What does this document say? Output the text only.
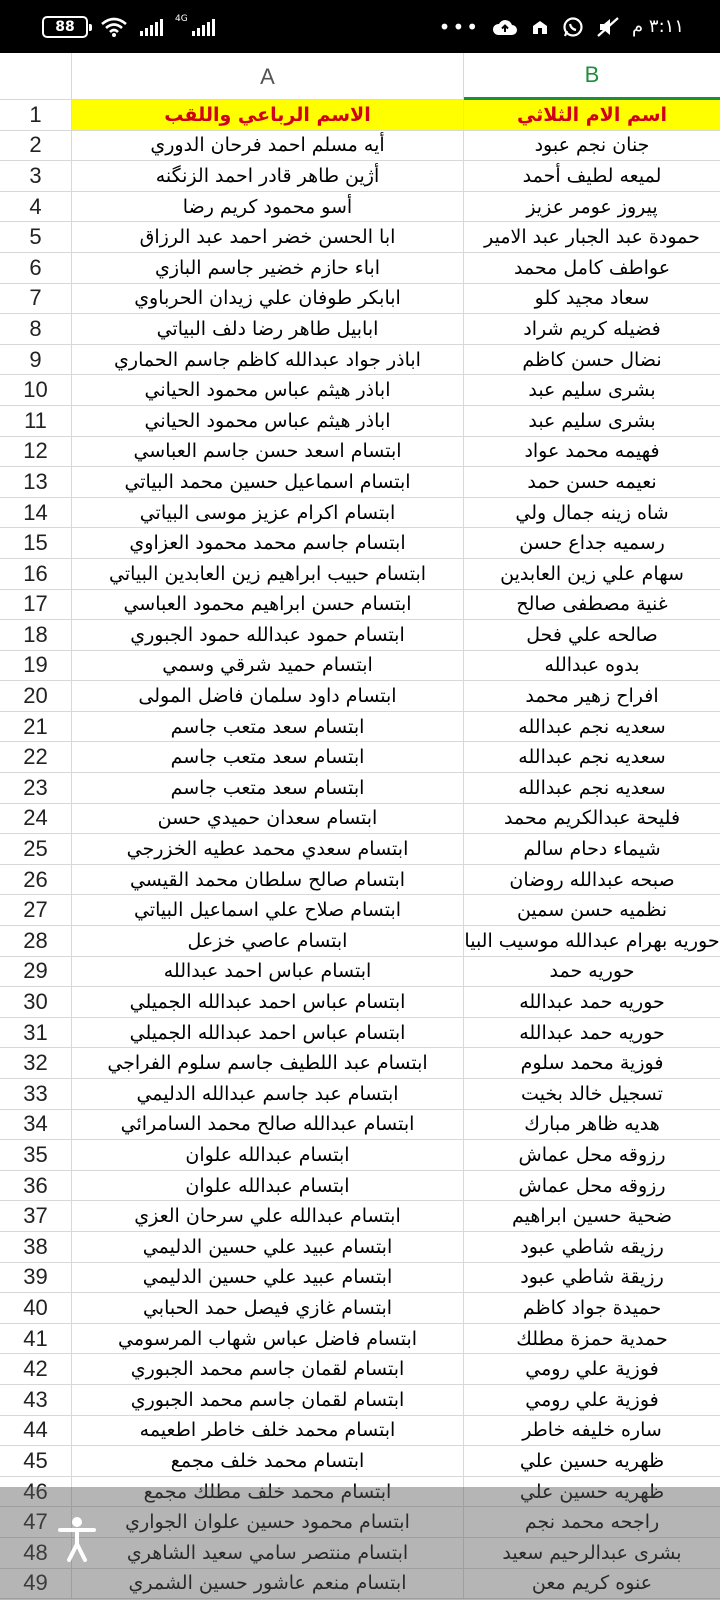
88	4G	•••	٣:١١ م
A	B
1	الاسم الرباعي واللقب	اسم الام الثلاثي
2	أيه مسلم احمد فرحان الدوري	جنان نجم عبود
3	أژين طاهر قادر احمد الزنگنه	لميعه لطيف أحمد
4	أسو محمود كريم رضا	پيروز عومر عزيز
5	ابا الحسن خضر احمد عبد الرزاق	حمودة عبد الجبار عبد الامير
6	اباء حازم خضير جاسم البازي	عواطف كامل محمد
7	ابابكر طوفان علي زيدان الحرباوي	سعاد مجيد كلو
8	ابابيل طاهر رضا دلف البياتي	فضيله كريم شراد
9	اباذر جواد عبدالله كاظم جاسم الحماري	نضال حسن كاظم
10	اباذر هيثم عباس محمود الحياني	بشرى سليم عبد
11	اباذر هيثم عباس محمود الحياني	بشرى سليم عبد
12	ابتسام اسعد حسن جاسم العباسي	فهيمه محمد عواد
13	ابتسام اسماعيل حسين محمد البياتي	نعيمه حسن حمد
14	ابتسام اكرام عزيز موسى البياتي	شاه زينه جمال ولي
15	ابتسام جاسم محمد محمود العزاوي	رسميه جداع حسن
16	ابتسام حبيب ابراهيم زين العابدين البياتي	سهام علي زين العابدين
17	ابتسام حسن ابراهيم محمود العباسي	غنية مصطفى صالح
18	ابتسام حمود عبدالله حمود الجبوري	صالحه علي فحل
19	ابتسام حميد شرقي وسمي	بدوه عبدالله
20	ابتسام داود سلمان فاضل المولى	افراح زهير محمد
21	ابتسام سعد متعب جاسم	سعديه نجم عبدالله
22	ابتسام سعد متعب جاسم	سعديه نجم عبدالله
23	ابتسام سعد متعب جاسم	سعديه نجم عبدالله
24	ابتسام سعدان حميدي حسن	فليحة عبدالكريم محمد
25	ابتسام سعدي محمد عطيه الخزرجي	شيماء دحام سالم
26	ابتسام صالح سلطان محمد القيسي	صبحه عبدالله روضان
27	ابتسام صلاح علي اسماعيل البياتي	نظميه حسن سمين
28	ابتسام عاصي خزعل	حوريه بهرام عبدالله موسيب البيا
29	ابتسام عباس احمد عبدالله	حوريه حمد
30	ابتسام عباس احمد عبدالله الجميلي	حوريه حمد عبدالله
31	ابتسام عباس احمد عبدالله الجميلي	حوريه حمد عبدالله
32	ابتسام عبد اللطيف جاسم سلوم الفراجي	فوزية محمد سلوم
33	ابتسام عبد جاسم عبدالله الدليمي	تسجيل خالد بخيت
34	ابتسام عبدالله صالح محمد السامرائي	هديه ظاهر مبارك
35	ابتسام عبدالله علوان	رزوقه محل عماش
36	ابتسام عبدالله علوان	رزوقه محل عماش
37	ابتسام عبدالله علي سرحان العزي	ضحية حسين ابراهيم
38	ابتسام عبيد علي حسين الدليمي	رزيقه شاطي عبود
39	ابتسام عبيد علي حسين الدليمي	رزيقة شاطي عبود
40	ابتسام غازي فيصل حمد الحبابي	حميدة جواد كاظم
41	ابتسام فاضل عباس شهاب المرسومي	حمدية حمزة مطلك
42	ابتسام لقمان جاسم محمد الجبوري	فوزية علي رومي
43	ابتسام لقمان جاسم محمد الجبوري	فوزية علي رومي
44	ابتسام محمد خلف خاطر اطعيمه	ساره خليفه خاطر
45	ابتسام محمد خلف مجمع	ظهريه حسين علي
46	ابتسام محمد خلف مطلك مجمع	ظهريه حسين علي
47	ابتسام محمود حسين علوان الجواري	راجحه محمد نجم
48	ابتسام منتصر سامي سعيد الشاهري	بشرى عبدالرحيم سعيد
49	ابتسام منعم عاشور حسين الشمري	عنوه كريم معن
